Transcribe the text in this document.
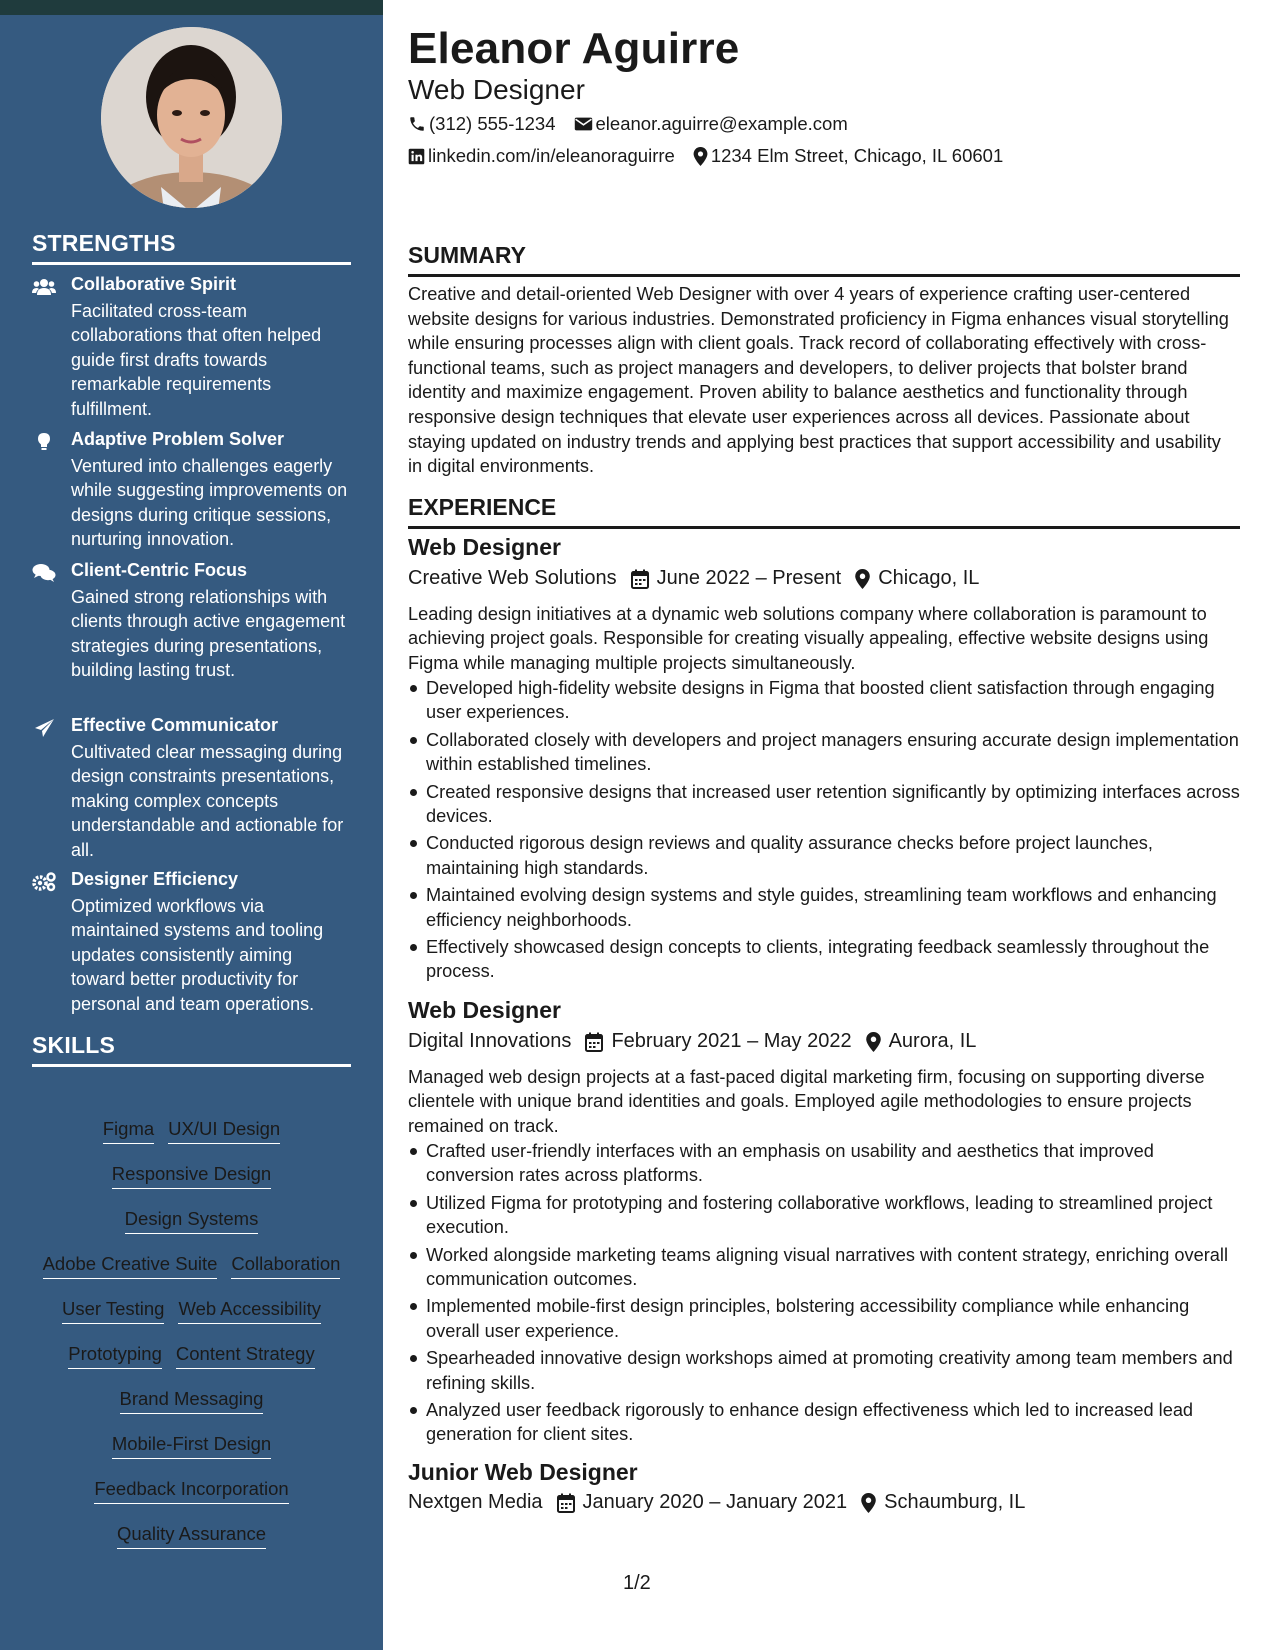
STRENGTHS
Collaborative Spirit
Facilitated cross-team collaborations that often helped guide first drafts towards remarkable requirements fulfillment.
Adaptive Problem Solver
Ventured into challenges eagerly while suggesting improvements on designs during critique sessions, nurturing innovation.
Client-Centric Focus
Gained strong relationships with clients through active engagement strategies during presentations, building lasting trust.
Effective Communicator
Cultivated clear messaging during design constraints presentations, making complex concepts understandable and actionable for all.
Designer Efficiency
Optimized workflows via maintained systems and tooling updates consistently aiming toward better productivity for personal and team operations.
SKILLS
Figma UX/UI Design
Responsive Design
Design Systems
Adobe Creative Suite Collaboration
User Testing Web Accessibility
Prototyping Content Strategy
Brand Messaging
Mobile-First Design
Feedback Incorporation
Quality Assurance
Eleanor Aguirre
Web Designer
(312) 555-1234 eleanor.aguirre@example.com
linkedin.com/in/eleanoraguirre 1234 Elm Street, Chicago, IL 60601
SUMMARY
Creative and detail-oriented Web Designer with over 4 years of experience crafting user-centered website designs for various industries. Demonstrated proficiency in Figma enhances visual storytelling while ensuring processes align with client goals. Track record of collaborating effectively with cross-functional teams, such as project managers and developers, to deliver projects that bolster brand identity and maximize engagement. Proven ability to balance aesthetics and functionality through responsive design techniques that elevate user experiences across all devices. Passionate about staying updated on industry trends and applying best practices that support accessibility and usability in digital environments.
EXPERIENCE
Web Designer
Creative Web Solutions June 2022 – Present Chicago, IL
Leading design initiatives at a dynamic web solutions company where collaboration is paramount to achieving project goals. Responsible for creating visually appealing, effective website designs using Figma while managing multiple projects simultaneously.
Developed high-fidelity website designs in Figma that boosted client satisfaction through engaging user experiences.
Collaborated closely with developers and project managers ensuring accurate design implementation within established timelines.
Created responsive designs that increased user retention significantly by optimizing interfaces across devices.
Conducted rigorous design reviews and quality assurance checks before project launches, maintaining high standards.
Maintained evolving design systems and style guides, streamlining team workflows and enhancing efficiency neighborhoods.
Effectively showcased design concepts to clients, integrating feedback seamlessly throughout the process.
Web Designer
Digital Innovations February 2021 – May 2022 Aurora, IL
Managed web design projects at a fast-paced digital marketing firm, focusing on supporting diverse clientele with unique brand identities and goals. Employed agile methodologies to ensure projects remained on track.
Crafted user-friendly interfaces with an emphasis on usability and aesthetics that improved conversion rates across platforms.
Utilized Figma for prototyping and fostering collaborative workflows, leading to streamlined project execution.
Worked alongside marketing teams aligning visual narratives with content strategy, enriching overall communication outcomes.
Implemented mobile-first design principles, bolstering accessibility compliance while enhancing overall user experience.
Spearheaded innovative design workshops aimed at promoting creativity among team members and refining skills.
Analyzed user feedback rigorously to enhance design effectiveness which led to increased lead generation for client sites.
Junior Web Designer
Nextgen Media January 2020 – January 2021 Schaumburg, IL
1/2
